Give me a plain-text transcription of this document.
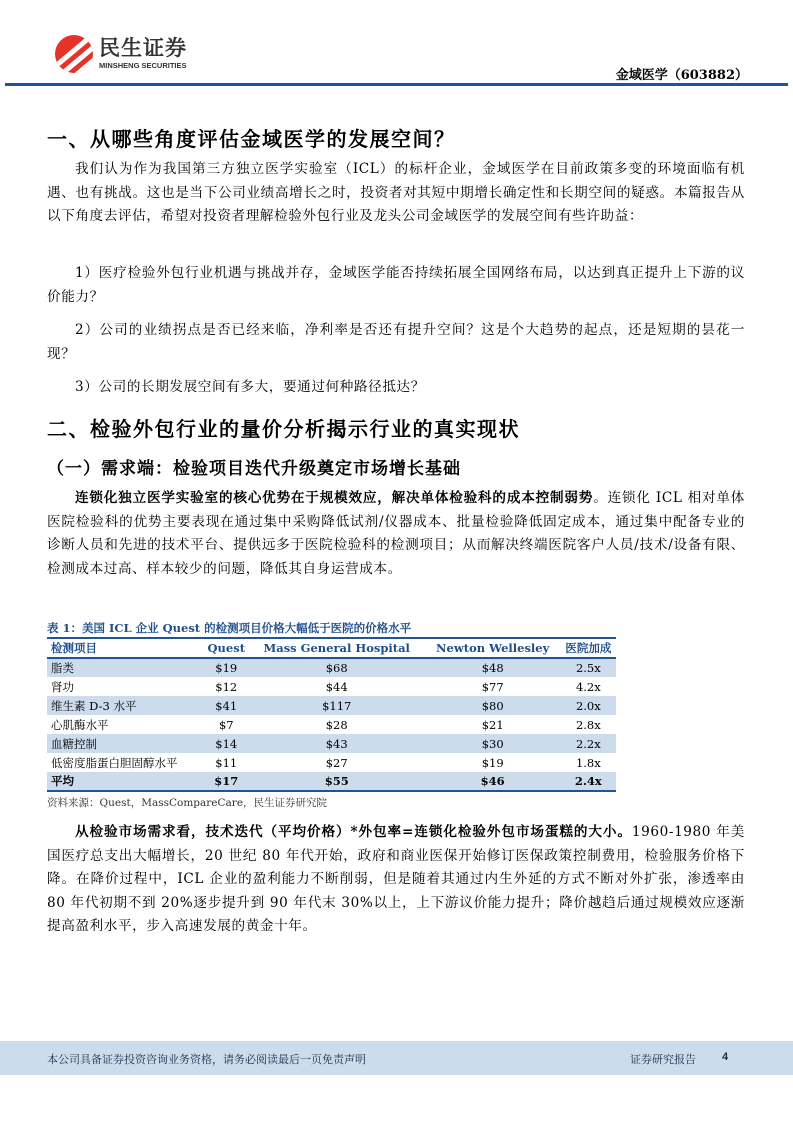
民生证券
MINSHENG SECURITIES
金域医学（603882）
一、从哪些角度评估金域医学的发展空间？
我们认为作为我国第三方独立医学实验室（ICL）的标杆企业，金域医学在目前政策多变的环境面临有机遇、也有挑战。这也是当下公司业绩高增长之时，投资者对其短中期增长确定性和长期空间的疑惑。本篇报告从以下角度去评估，希望对投资者理解检验外包行业及龙头公司金域医学的发展空间有些许助益：
1）医疗检验外包行业机遇与挑战并存，金域医学能否持续拓展全国网络布局，以达到真正提升上下游的议价能力？
2）公司的业绩拐点是否已经来临，净利率是否还有提升空间？这是个大趋势的起点，还是短期的昙花一现？
3）公司的长期发展空间有多大，要通过何种路径抵达？
二、检验外包行业的量价分析揭示行业的真实现状
（一）需求端：检验项目迭代升级奠定市场增长基础
连锁化独立医学实验室的核心优势在于规模效应，解决单体检验科的成本控制弱势。连锁化 ICL 相对单体医院检验科的优势主要表现在通过集中采购降低试剂/仪器成本、批量检验降低固定成本，通过集中配备专业的诊断人员和先进的技术平台、提供远多于医院检验科的检测项目；从而解决终端医院客户人员/技术/设备有限、检测成本过高、样本较少的问题，降低其自身运营成本。
表 1：美国 ICL 企业 Quest 的检测项目价格大幅低于医院的价格水平
检测项目	Quest	Mass General Hospital	Newton Wellesley	医院加成
脂类	$19	$68	$48	2.5x
肾功	$12	$44	$77	4.2x
维生素 D-3 水平	$41	$117	$80	2.0x
心肌酶水平	$7	$28	$21	2.8x
血糖控制	$14	$43	$30	2.2x
低密度脂蛋白胆固醇水平	$11	$27	$19	1.8x
平均	$17	$55	$46	2.4x
资料来源：Quest，MassCompareCare，民生证券研究院
从检验市场需求看，技术迭代（平均价格）*外包率=连锁化检验外包市场蛋糕的大小。1960-1980 年美国医疗总支出大幅增长，20 世纪 80 年代开始，政府和商业医保开始修订医保政策控制费用，检验服务价格下降。在降价过程中，ICL 企业的盈利能力不断削弱，但是随着其通过内生外延的方式不断对外扩张，渗透率由 80 年代初期不到 20%逐步提升到 90 年代末 30%以上，上下游议价能力提升；降价越趋后通过规模效应逐渐提高盈利水平，步入高速发展的黄金十年。
本公司具备证券投资咨询业务资格，请务必阅读最后一页免责声明	证券研究报告 4
